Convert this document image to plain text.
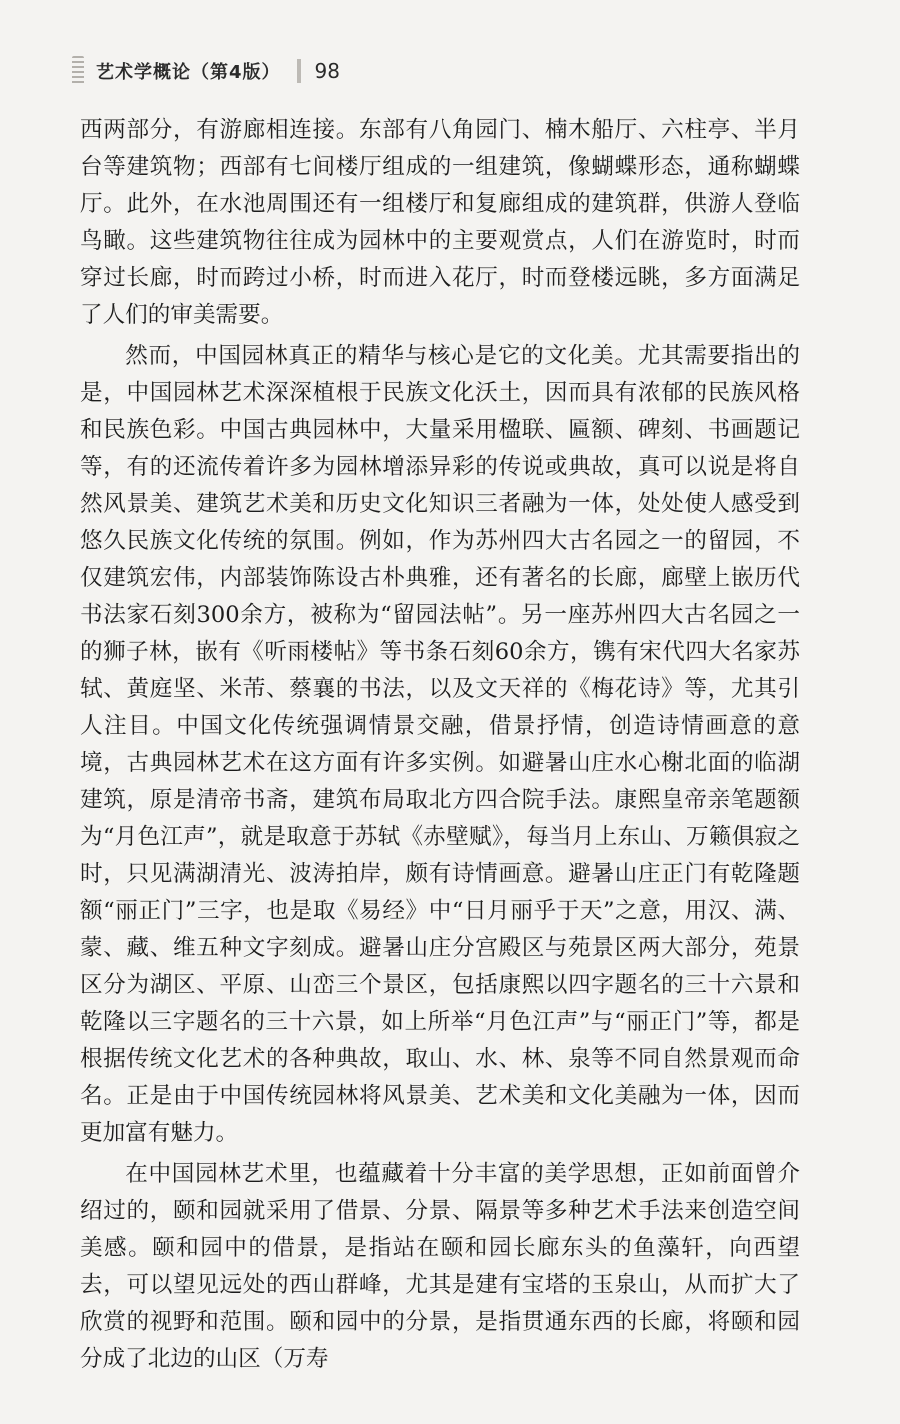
艺术学概论（第4版） 98

西两部分，有游廊相连接。东部有八角园门、楠木船厅、六柱亭、半月台等建筑物；西部有七间楼厅组成的一组建筑，像蝴蝶形态，通称蝴蝶厅。此外，在水池周围还有一组楼厅和复廊组成的建筑群，供游人登临鸟瞰。这些建筑物往往成为园林中的主要观赏点，人们在游览时，时而穿过长廊，时而跨过小桥，时而进入花厅，时而登楼远眺，多方面满足了人们的审美需要。

然而，中国园林真正的精华与核心是它的文化美。尤其需要指出的是，中国园林艺术深深植根于民族文化沃土，因而具有浓郁的民族风格和民族色彩。中国古典园林中，大量采用楹联、匾额、碑刻、书画题记等，有的还流传着许多为园林增添异彩的传说或典故，真可以说是将自然风景美、建筑艺术美和历史文化知识三者融为一体，处处使人感受到悠久民族文化传统的氛围。例如，作为苏州四大古名园之一的留园，不仅建筑宏伟，内部装饰陈设古朴典雅，还有著名的长廊，廊壁上嵌历代书法家石刻300余方，被称为“留园法帖”。另一座苏州四大古名园之一的狮子林，嵌有《听雨楼帖》等书条石刻60余方，镌有宋代四大名家苏轼、黄庭坚、米芾、蔡襄的书法，以及文天祥的《梅花诗》等，尤其引人注目。中国文化传统强调情景交融，借景抒情，创造诗情画意的意境，古典园林艺术在这方面有许多实例。如避暑山庄水心榭北面的临湖建筑，原是清帝书斋，建筑布局取北方四合院手法。康熙皇帝亲笔题额为“月色江声”，就是取意于苏轼《赤壁赋》，每当月上东山、万籁俱寂之时，只见满湖清光、波涛拍岸，颇有诗情画意。避暑山庄正门有乾隆题额“丽正门”三字，也是取《易经》中“日月丽乎于天”之意，用汉、满、蒙、藏、维五种文字刻成。避暑山庄分宫殿区与苑景区两大部分，苑景区分为湖区、平原、山峦三个景区，包括康熙以四字题名的三十六景和乾隆以三字题名的三十六景，如上所举“月色江声”与“丽正门”等，都是根据传统文化艺术的各种典故，取山、水、林、泉等不同自然景观而命名。正是由于中国传统园林将风景美、艺术美和文化美融为一体，因而更加富有魅力。

在中国园林艺术里，也蕴藏着十分丰富的美学思想，正如前面曾介绍过的，颐和园就采用了借景、分景、隔景等多种艺术手法来创造空间美感。颐和园中的借景，是指站在颐和园长廊东头的鱼藻轩，向西望去，可以望见远处的西山群峰，尤其是建有宝塔的玉泉山，从而扩大了欣赏的视野和范围。颐和园中的分景，是指贯通东西的长廊，将颐和园分成了北边的山区（万寿
